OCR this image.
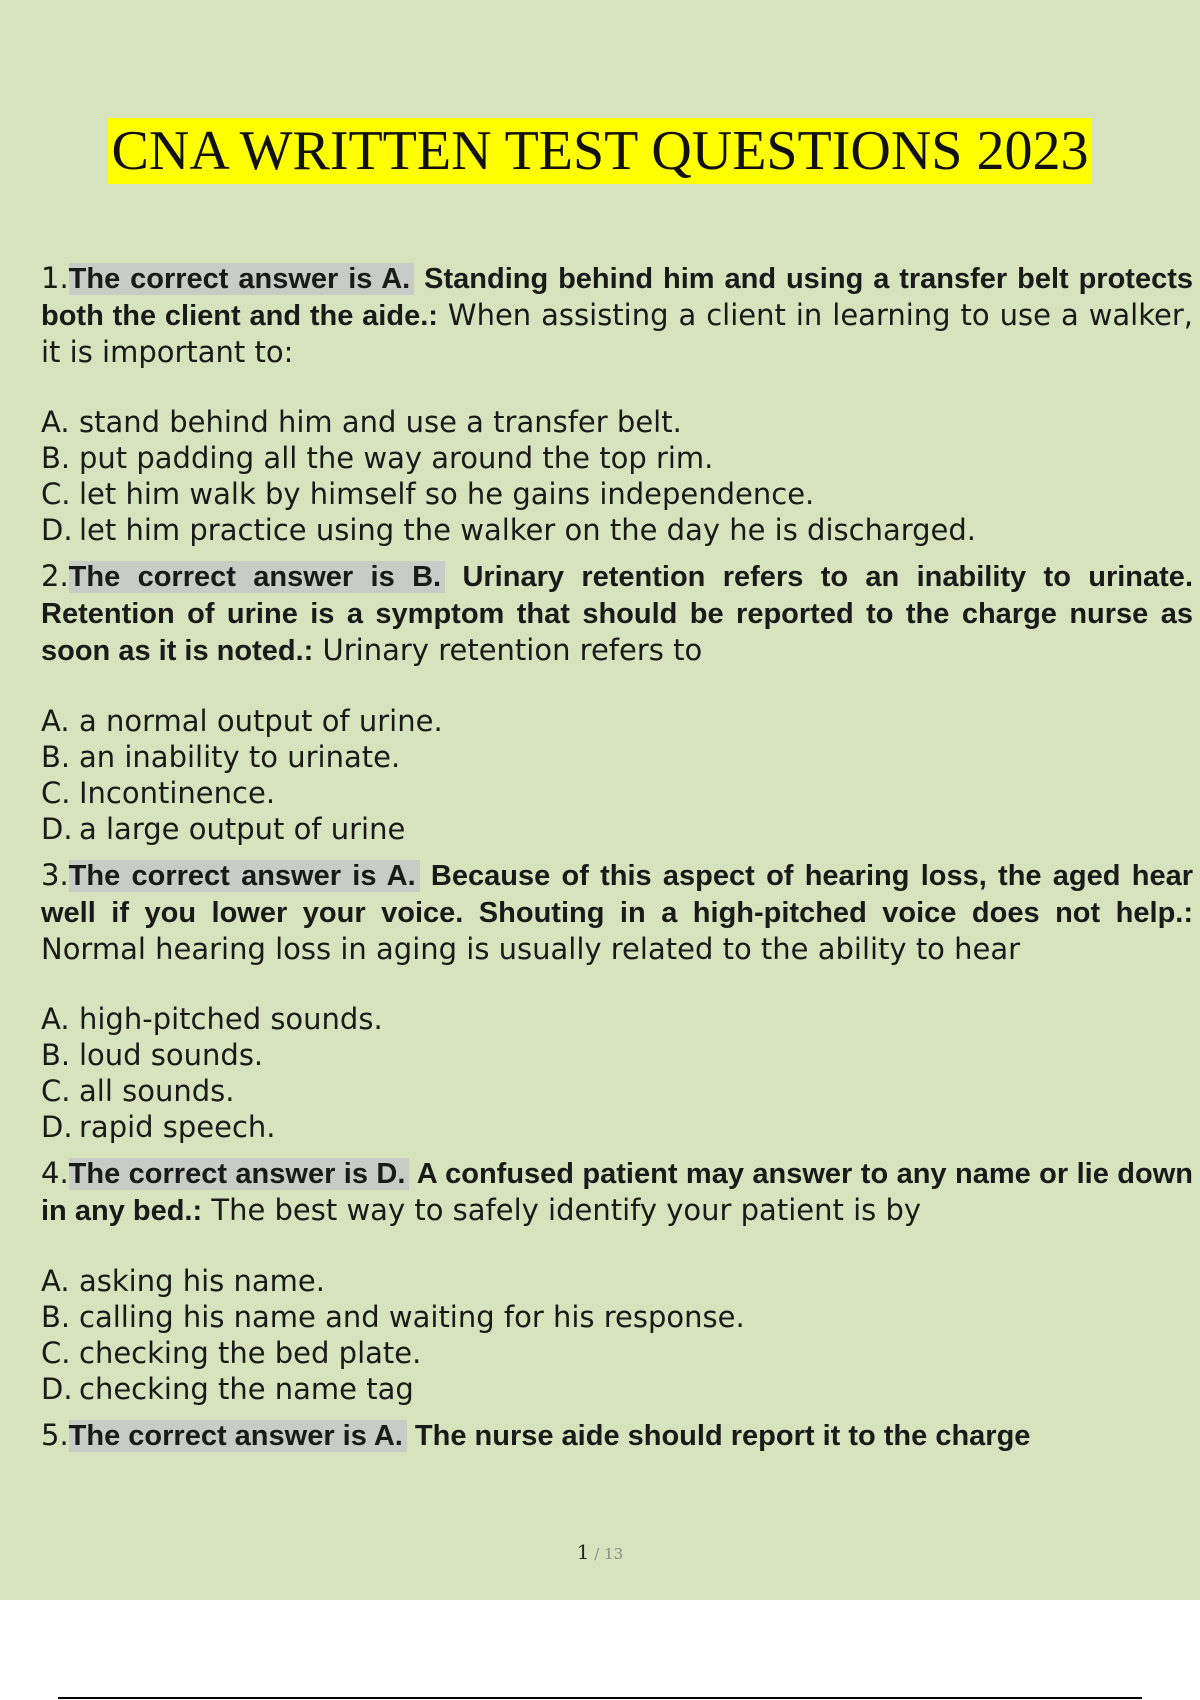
CNA WRITTEN TEST QUESTIONS 2023

1.The correct answer is A. Standing behind him and using a transfer belt protects both the client and the aide.: When assisting a client in learning to use a walker, it is important to:

A. stand behind him and use a transfer belt.
B. put padding all the way around the top rim.
C. let him walk by himself so he gains independence.
D. let him practice using the walker on the day he is discharged.

2.The correct answer is B. Urinary retention refers to an inability to urinate. Retention of urine is a symptom that should be reported to the charge nurse as soon as it is noted.: Urinary retention refers to

A. a normal output of urine.
B. an inability to urinate.
C. Incontinence.
D. a large output of urine

3.The correct answer is A. Because of this aspect of hearing loss, the aged hear well if you lower your voice. Shouting in a high-pitched voice does not help.: Normal hearing loss in aging is usually related to the ability to hear

A. high-pitched sounds.
B. loud sounds.
C. all sounds.
D. rapid speech.

4.The correct answer is D. A confused patient may answer to any name or lie down in any bed.: The best way to safely identify your patient is by

A. asking his name.
B. calling his name and waiting for his response.
C. checking the bed plate.
D. checking the name tag

5.The correct answer is A. The nurse aide should report it to the charge

1 / 13
